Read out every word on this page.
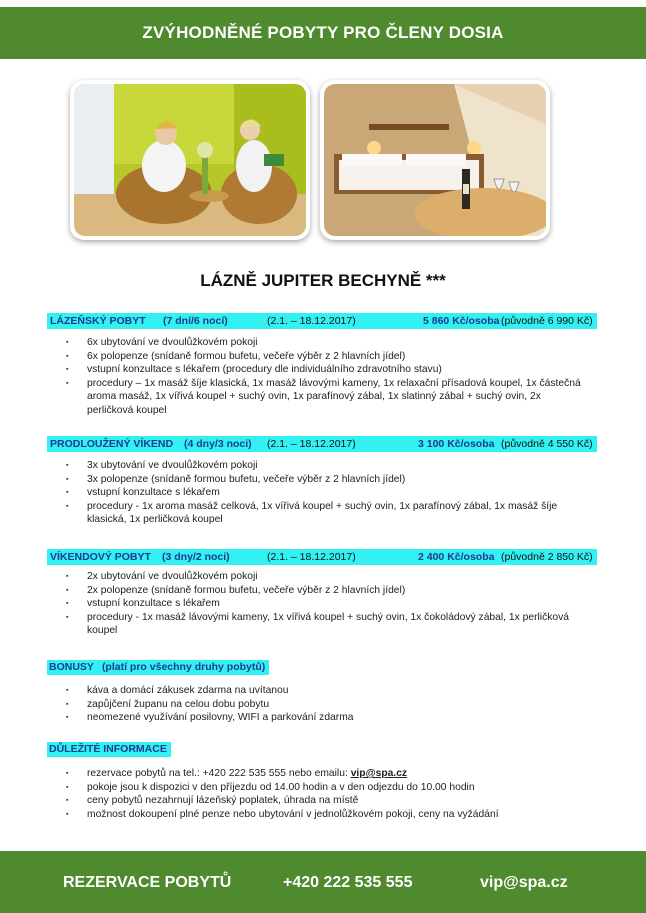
ZVÝHODNĚNÉ POBYTY PRO ČLENY DOSIA
LÁZNĚ JUPITER BECHYNĚ ***
LÁZEŇSKÝ POBYT (7 dní/6 nocí)	(2.1. – 18.12.2017)	5 860 Kč/osoba (původně 6 990 Kč)
▪ 6x ubytování ve dvoulůžkovém pokoji
▪ 6x polopenze (snídaně formou bufetu, večeře výběr z 2 hlavních jídel)
▪ vstupní konzultace s lékařem (procedury dle individuálního zdravotního stavu)
▪ procedury – 1x masáž šíje klasická, 1x masáž lávovými kameny, 1x relaxační přísadová koupel, 1x částečná aroma masáž, 1x vířivá koupel + suchý ovin, 1x parafínový zábal, 1x slatinný zábal + suchý ovin, 2x perličková koupel
PRODLOUŽENÝ VÍKEND (4 dny/3 noci) (2.1. – 18.12.2017)	3 100 Kč/osoba (původně 4 550 Kč)
▪ 3x ubytování ve dvoulůžkovém pokoji
▪ 3x polopenze (snídaně formou bufetu, večeře výběr z 2 hlavních jídel)
▪ vstupní konzultace s lékařem
▪ procedury - 1x aroma masáž celková, 1x vířivá koupel + suchý ovin, 1x parafínový zábal, 1x masáž šíje klasická, 1x perličková koupel
VÍKENDOVÝ POBYT (3 dny/2 noci)	(2.1. – 18.12.2017)	2 400 Kč/osoba (původně 2 850 Kč)
▪ 2x ubytování ve dvoulůžkovém pokoji
▪ 2x polopenze (snídaně formou bufetu, večeře výběr z 2 hlavních jídel)
▪ vstupní konzultace s lékařem
▪ procedury - 1x masáž lávovými kameny, 1x vířivá koupel + suchý ovin, 1x čokoládový zábal, 1x perličková koupel
BONUSY (platí pro všechny druhy pobytů)
▪ káva a domácí zákusek zdarma na uvítanou
▪ zapůjčení županu na celou dobu pobytu
▪ neomezené využívání posilovny, WIFI a parkování zdarma
DŮLEŽITÉ INFORMACE
▪ rezervace pobytů na tel.: +420 222 535 555 nebo emailu: vip@spa.cz
▪ pokoje jsou k dispozici v den příjezdu od 14.00 hodin a v den odjezdu do 10.00 hodin
▪ ceny pobytů nezahrnují lázeňský poplatek, úhrada na místě
▪ možnost dokoupení plné penze nebo ubytování v jednolůžkovém pokoji, ceny na vyžádání
REZERVACE POBYTŮ	+420 222 535 555	vip@spa.cz
